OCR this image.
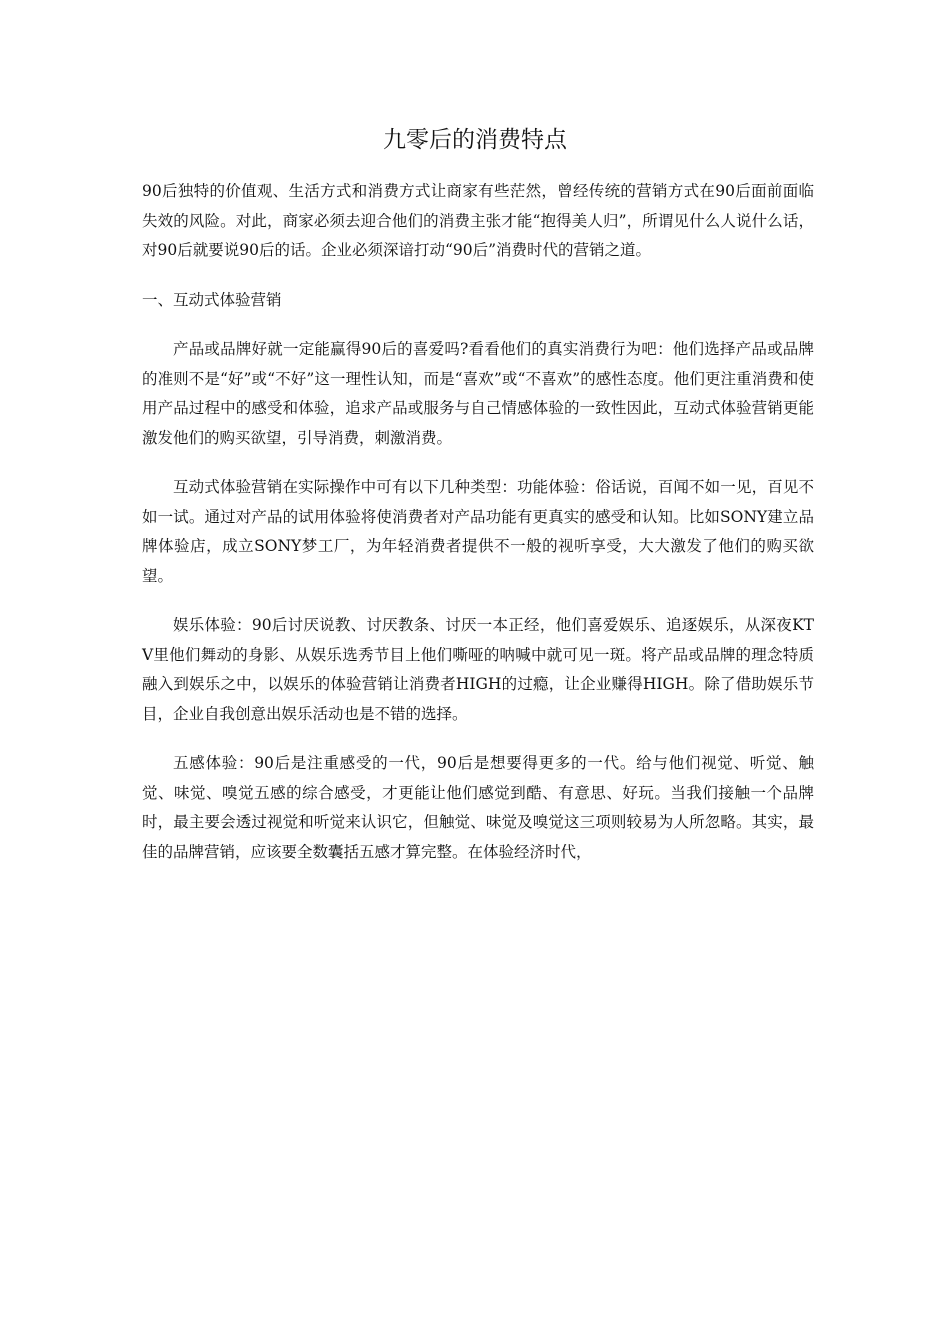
九零后的消费特点

90后独特的价值观、生活方式和消费方式让商家有些茫然，曾经传统的营销方式在90后面前面临失效的风险。对此，商家必须去迎合他们的消费主张才能“抱得美人归”，所谓见什么人说什么话，对90后就要说90后的话。企业必须深谙打动“90后”消费时代的营销之道。

一、互动式体验营销

产品或品牌好就一定能赢得90后的喜爱吗?看看他们的真实消费行为吧：他们选择产品或品牌的准则不是“好”或“不好”这一理性认知，而是“喜欢”或“不喜欢”的感性态度。他们更注重消费和使用产品过程中的感受和体验，追求产品或服务与自己情感体验的一致性因此，互动式体验营销更能激发他们的购买欲望，引导消费，刺激消费。

互动式体验营销在实际操作中可有以下几种类型：功能体验：俗话说，百闻不如一见，百见不如一试。通过对产品的试用体验将使消费者对产品功能有更真实的感受和认知。比如SONY建立品牌体验店，成立SONY梦工厂，为年轻消费者提供不一般的视听享受，大大激发了他们的购买欲望。

娱乐体验：90后讨厌说教、讨厌教条、讨厌一本正经，他们喜爱娱乐、追逐娱乐，从深夜KTV里他们舞动的身影、从娱乐选秀节目上他们嘶哑的呐喊中就可见一斑。将产品或品牌的理念特质融入到娱乐之中，以娱乐的体验营销让消费者HIGH的过瘾，让企业赚得HIGH。除了借助娱乐节目，企业自我创意出娱乐活动也是不错的选择。

五感体验：90后是注重感受的一代，90后是想要得更多的一代。给与他们视觉、听觉、触觉、味觉、嗅觉五感的综合感受，才更能让他们感觉到酷、有意思、好玩。当我们接触一个品牌时，最主要会透过视觉和听觉来认识它，但触觉、味觉及嗅觉这三项则较易为人所忽略。其实，最佳的品牌营销，应该要全数囊括五感才算完整。在体验经济时代，
